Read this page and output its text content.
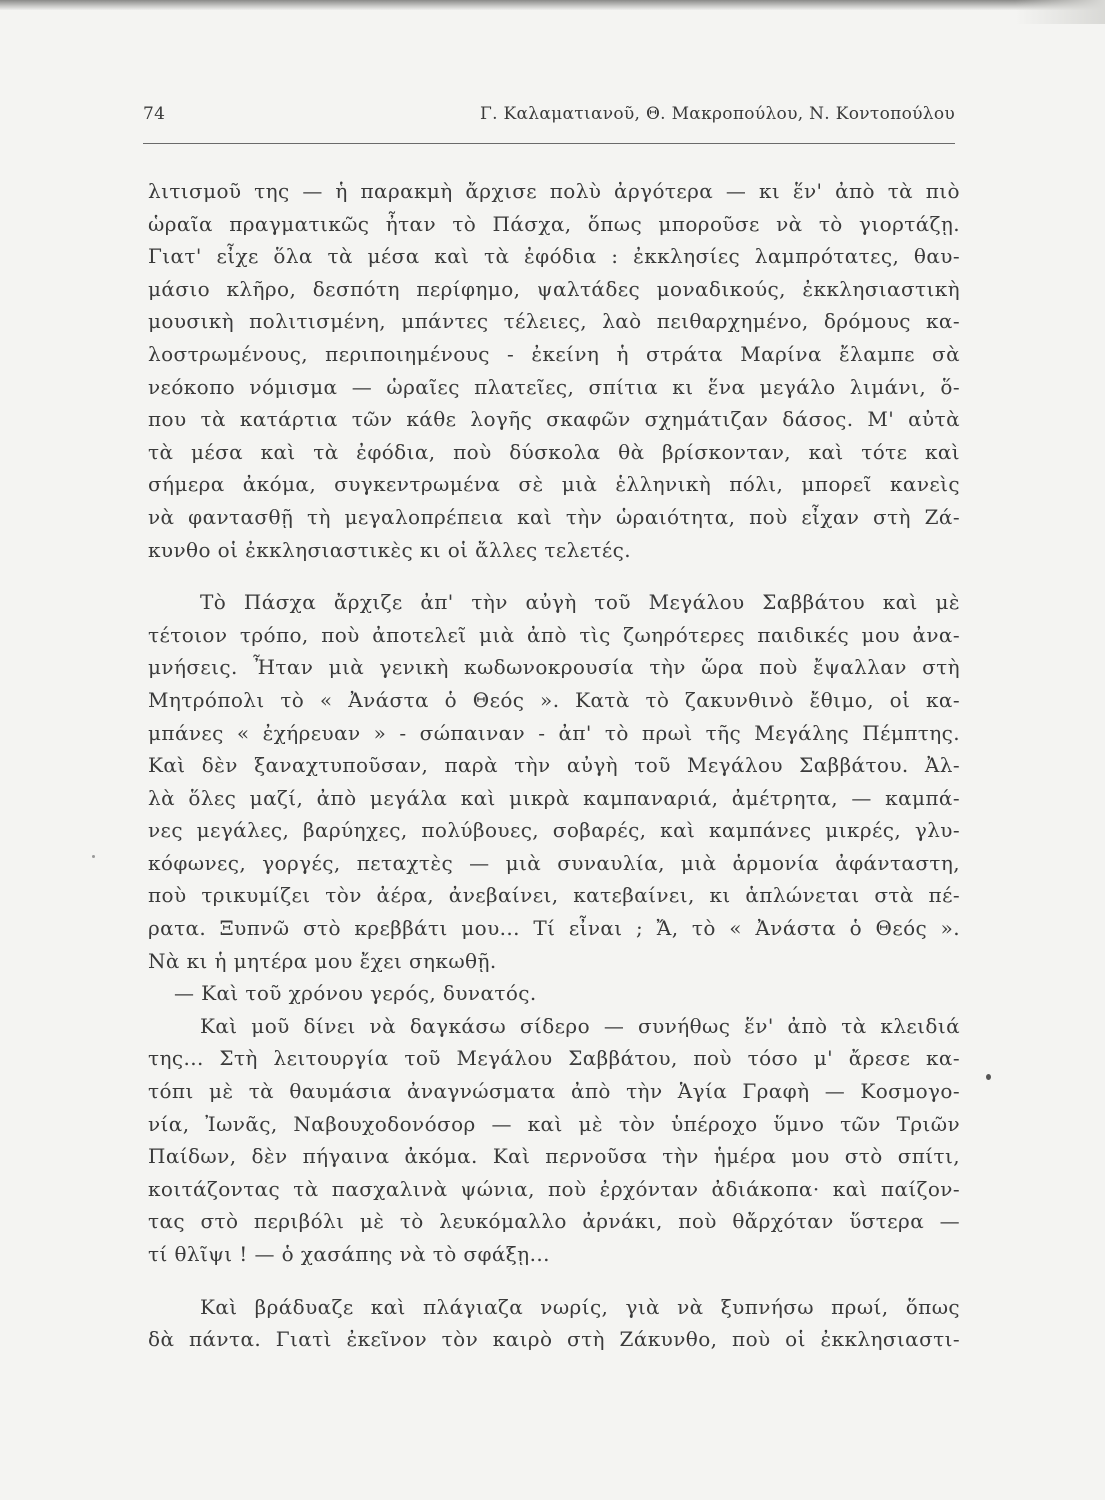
74	Γ. Καλαματιανοῦ, Θ. Μακροπούλου, Ν. Κοντοπούλου
λιτισμοῦ της — ἡ παρακμὴ ἄρχισε πολὺ ἀργότερα — κι ἕν' ἀπὸ τὰ πιὸ
ὡραῖα πραγματικῶς ἦταν τὸ Πάσχα, ὅπως μποροῦσε νὰ τὸ γιορτάζῃ.
Γιατ' εἶχε ὅλα τὰ μέσα καὶ τὰ ἐφόδια : ἐκκλησίες λαμπρότατες, θαυ-
μάσιο κλῆρο, δεσπότη περίφημο, ψαλτάδες μοναδικούς, ἐκκλησιαστικὴ
μουσικὴ πολιτισμένη, μπάντες τέλειες, λαὸ πειθαρχημένο, δρόμους κα-
λοστρωμένους, περιποιημένους - ἐκείνη ἡ στράτα Μαρίνα ἔλαμπε σὰ
νεόκοπο νόμισμα — ὡραῖες πλατεῖες, σπίτια κι ἕνα μεγάλο λιμάνι, ὅ-
που τὰ κατάρτια τῶν κάθε λογῆς σκαφῶν σχημάτιζαν δάσος. Μ' αὐτὰ
τὰ μέσα καὶ τὰ ἐφόδια, ποὺ δύσκολα θὰ βρίσκονταν, καὶ τότε καὶ
σήμερα ἀκόμα, συγκεντρωμένα σὲ μιὰ ἑλληνικὴ πόλι, μπορεῖ κανεὶς
νὰ φαντασθῇ τὴ μεγαλοπρέπεια καὶ τὴν ὡραιότητα, ποὺ εἶχαν στὴ Ζά-
κυνθο οἱ ἐκκλησιαστικὲς κι οἱ ἄλλες τελετές.
Τὸ Πάσχα ἄρχιζε ἀπ' τὴν αὐγὴ τοῦ Μεγάλου Σαββάτου καὶ μὲ
τέτοιον τρόπο, ποὺ ἀποτελεῖ μιὰ ἀπὸ τὶς ζωηρότερες παιδικές μου ἀνα-
μνήσεις. Ἦταν μιὰ γενικὴ κωδωνοκρουσία τὴν ὥρα ποὺ ἔψαλλαν στὴ
Μητρόπολι τὸ « Ἀνάστα ὁ Θεός ». Κατὰ τὸ ζακυνθινὸ ἔθιμο, οἱ κα-
μπάνες « ἐχήρευαν » - σώπαιναν - ἀπ' τὸ πρωὶ τῆς Μεγάλης Πέμπτης.
Καὶ δὲν ξαναχτυποῦσαν, παρὰ τὴν αὐγὴ τοῦ Μεγάλου Σαββάτου. Ἀλ-
λὰ ὅλες μαζί, ἀπὸ μεγάλα καὶ μικρὰ καμπαναριά, ἀμέτρητα, — καμπά-
νες μεγάλες, βαρύηχες, πολύβουες, σοβαρές, καὶ καμπάνες μικρές, γλυ-
κόφωνες, γοργές, πεταχτὲς — μιὰ συναυλία, μιὰ ἁρμονία ἀφάνταστη,
ποὺ τρικυμίζει τὸν ἀέρα, ἀνεβαίνει, κατεβαίνει, κι ἁπλώνεται στὰ πέ-
ρατα. Ξυπνῶ στὸ κρεββάτι μου... Τί εἶναι ; Ἄ, τὸ « Ἀνάστα ὁ Θεός ».
Νὰ κι ἡ μητέρα μου ἔχει σηκωθῇ.
— Καὶ τοῦ χρόνου γερός, δυνατός.
Καὶ μοῦ δίνει νὰ δαγκάσω σίδερο — συνήθως ἕν' ἀπὸ τὰ κλειδιά
της... Στὴ λειτουργία τοῦ Μεγάλου Σαββάτου, ποὺ τόσο μ' ἄρεσε κα-
τόπι μὲ τὰ θαυμάσια ἀναγνώσματα ἀπὸ τὴν Ἁγία Γραφὴ — Κοσμογο-
νία, Ἰωνᾶς, Ναβουχοδονόσορ — καὶ μὲ τὸν ὑπέροχο ὕμνο τῶν Τριῶν
Παίδων, δὲν πήγαινα ἀκόμα. Καὶ περνοῦσα τὴν ἡμέρα μου στὸ σπίτι,
κοιτάζοντας τὰ πασχαλινὰ ψώνια, ποὺ ἐρχόνταν ἀδιάκοπα· καὶ παίζον-
τας στὸ περιβόλι μὲ τὸ λευκόμαλλο ἀρνάκι, ποὺ θἄρχόταν ὕστερα —
τί θλῖψι ! — ὁ χασάπης νὰ τὸ σφάξῃ...
Καὶ βράδυαζε καὶ πλάγιαζα νωρίς, γιὰ νὰ ξυπνήσω πρωί, ὅπως
δὰ πάντα. Γιατὶ ἐκεῖνον τὸν καιρὸ στὴ Ζάκυνθο, ποὺ οἱ ἐκκλησιαστι-
